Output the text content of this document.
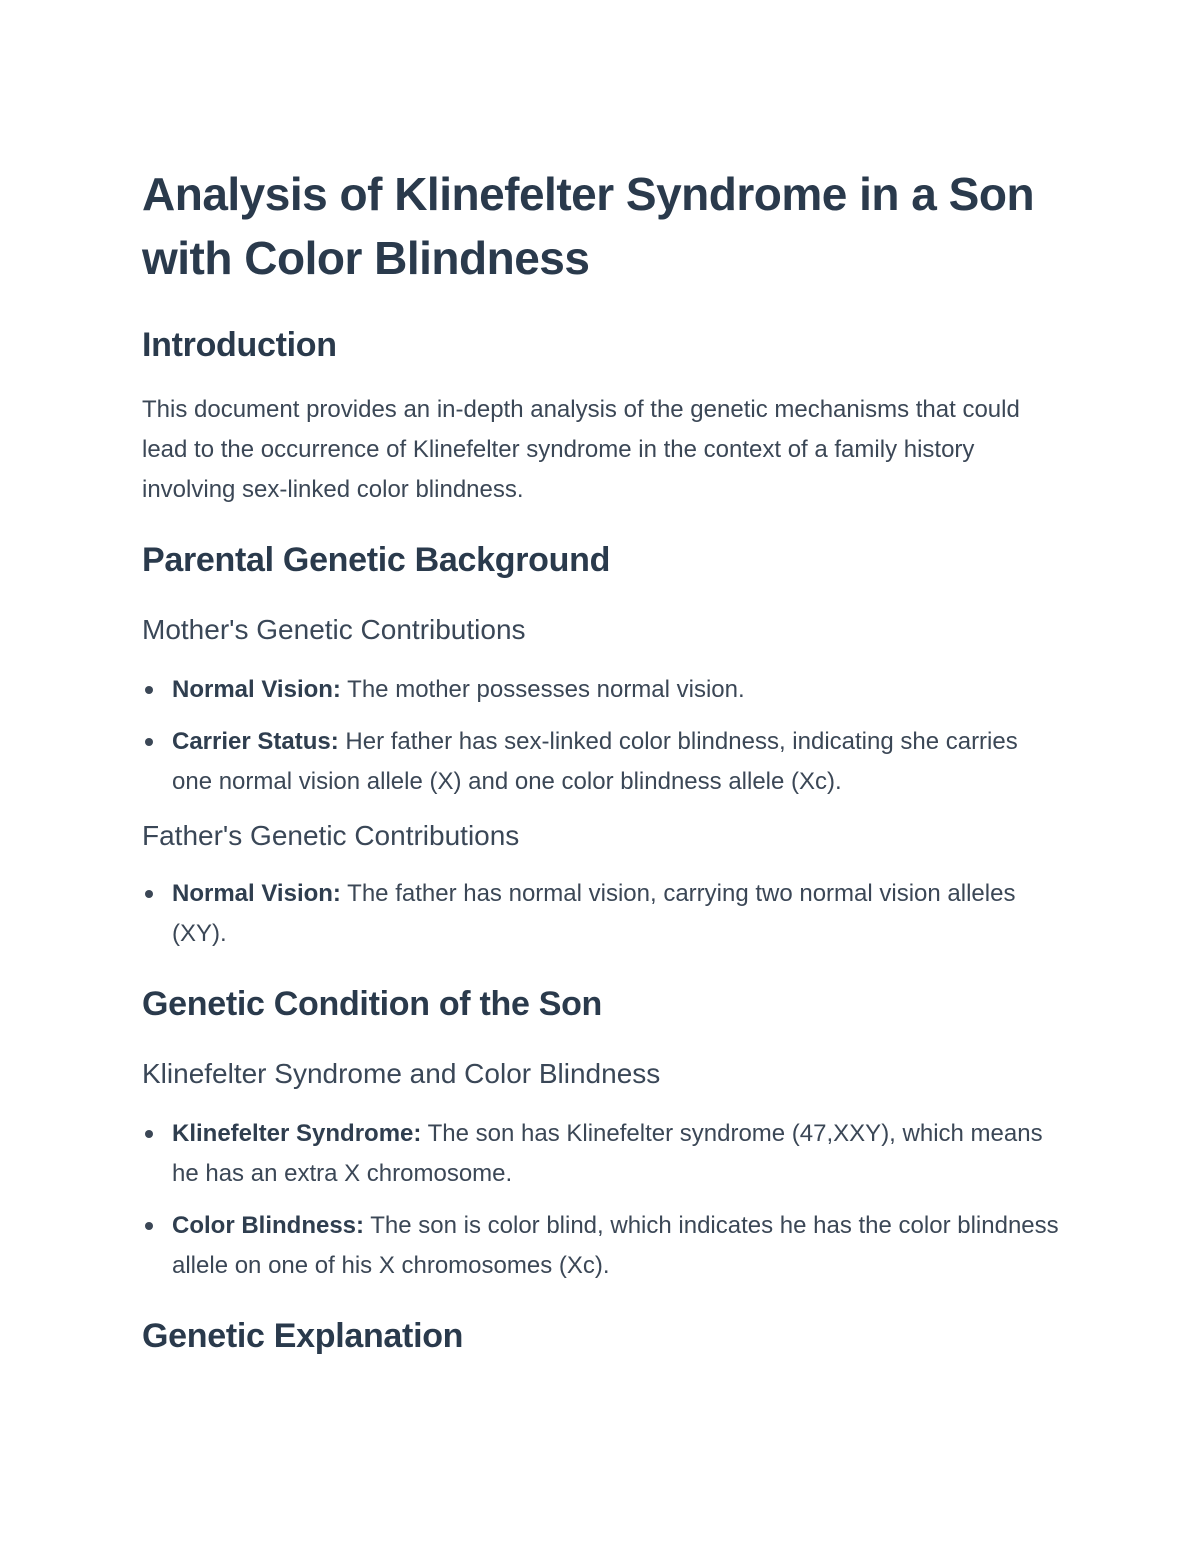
Analysis of Klinefelter Syndrome in a Son with Color Blindness
Introduction

This document provides an in-depth analysis of the genetic mechanisms that could lead to the occurrence of Klinefelter syndrome in the context of a family history involving sex-linked color blindness.

Parental Genetic Background
Mother's Genetic Contributions
Normal Vision: The mother possesses normal vision.
Carrier Status: Her father has sex-linked color blindness, indicating she carries one normal vision allele (X) and one color blindness allele (Xc).
Father's Genetic Contributions
Normal Vision: The father has normal vision, carrying two normal vision alleles (XY).
Genetic Condition of the Son
Klinefelter Syndrome and Color Blindness
Klinefelter Syndrome: The son has Klinefelter syndrome (47,XXY), which means he has an extra X chromosome.
Color Blindness: The son is color blind, which indicates he has the color blindness allele on one of his X chromosomes (Xc).
Genetic Explanation
